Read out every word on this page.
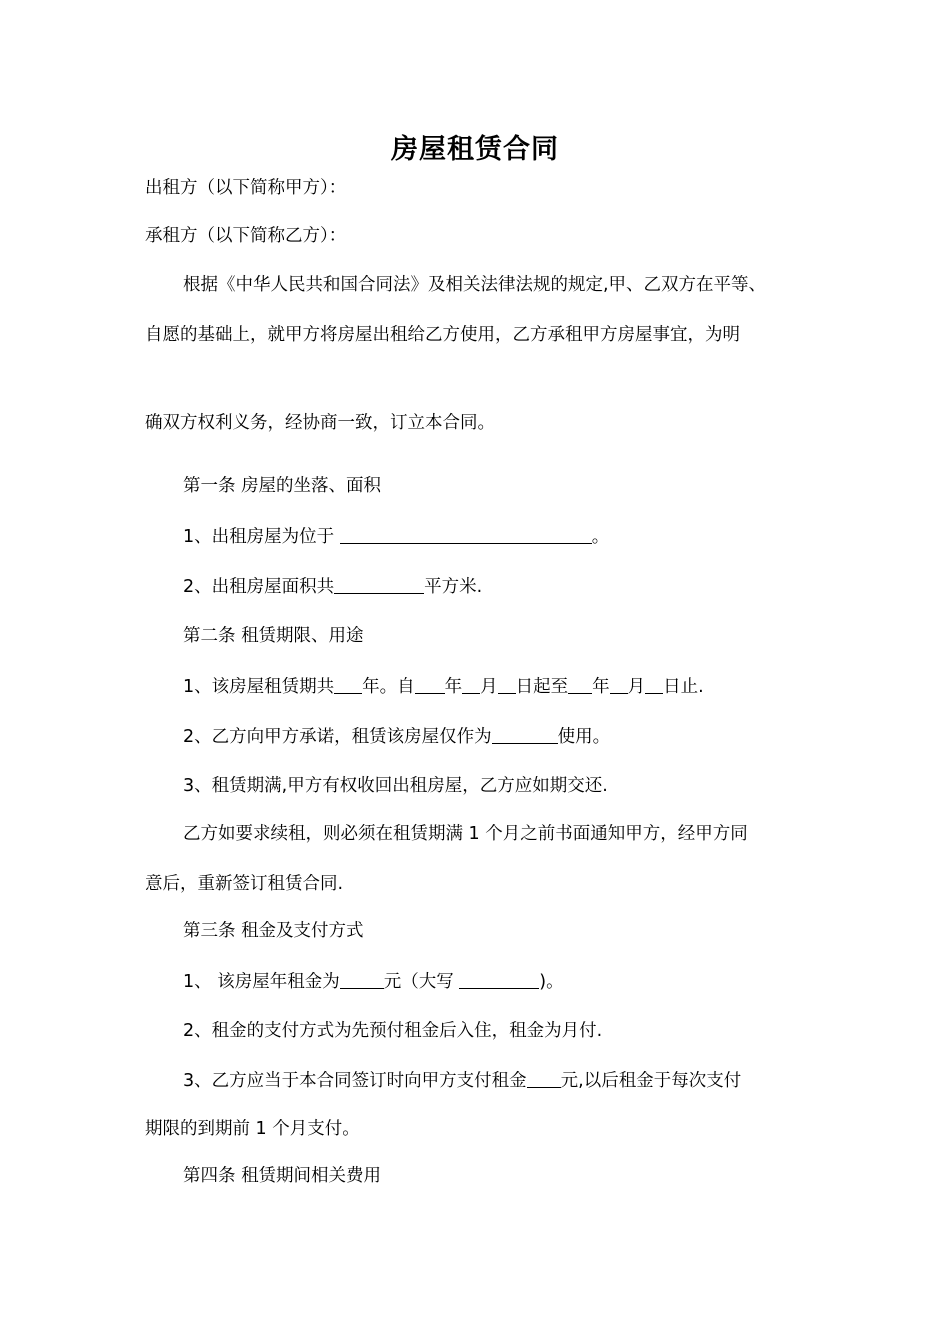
房屋租赁合同
出租方（以下简称甲方）：
承租方（以下简称乙方）：
根据《中华人民共和国合同法》及相关法律法规的规定,甲、乙双方在平等、
自愿的基础上，就甲方将房屋出租给乙方使用，乙方承租甲方房屋事宜，为明
确双方权利义务，经协商一致，订立本合同。
第一条 房屋的坐落、面积
1、出租房屋为位于	。
2、出租房屋面积共	平方米.
第二条 租赁期限、用途
1、该房屋租赁期共 年。自 年 月 日起至 年 月 日止.
2、乙方向甲方承诺，租赁该房屋仅作为	使用。
3、租赁期满,甲方有权收回出租房屋，乙方应如期交还.
乙方如要求续租，则必须在租赁期满 1 个月之前书面通知甲方，经甲方同
意后，重新签订租赁合同.
第三条 租金及支付方式
1、 该房屋年租金为	元（大写	)。
2、租金的支付方式为先预付租金后入住，租金为月付.
3、乙方应当于本合同签订时向甲方支付租金 元,以后租金于每次支付
期限的到期前 1 个月支付。
第四条 租赁期间相关费用
